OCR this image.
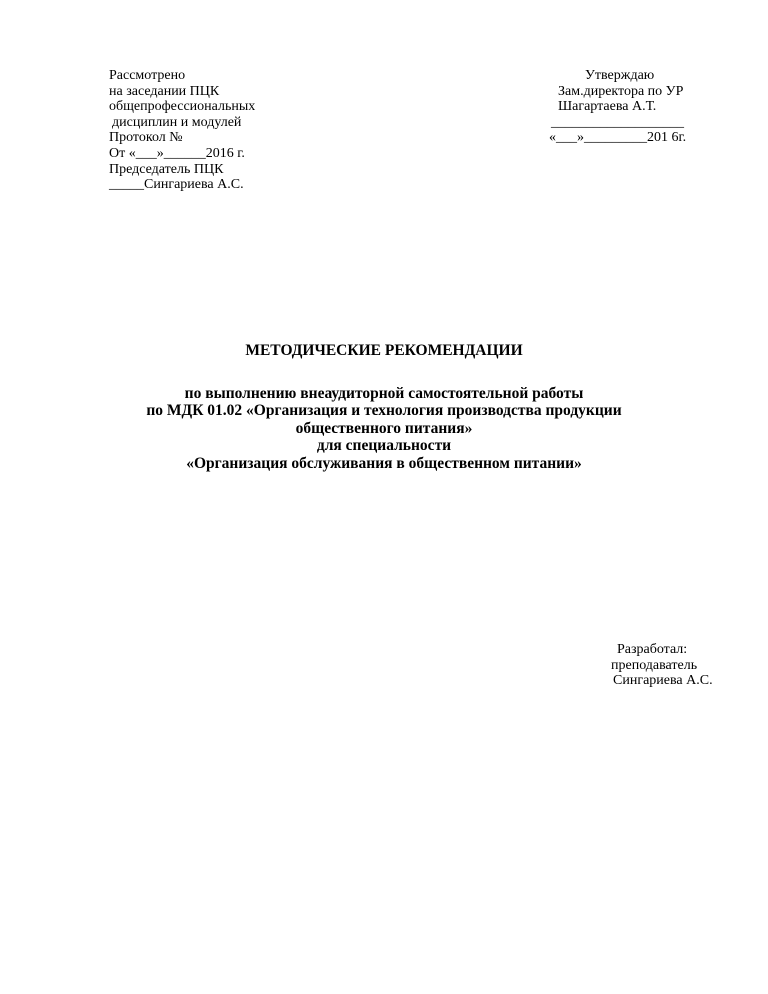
Рассмотрено
на заседании ПЦК
общепрофессиональных
дисциплин и модулей
Протокол №
От «___»______2016 г.
Председатель ПЦК
_____Сингариева А.С.
Утверждаю
Зам.директора по УР
Шагартаева А.Т.
___________________
«___»_________201 6г.
МЕТОДИЧЕСКИЕ РЕКОМЕНДАЦИИ
по выполнению внеаудиторной самостоятельной работы
по МДК 01.02 «Организация и технология производства продукции
общественного питания»
для специальности
«Организация обслуживания в общественном питании»
Разработал:
преподаватель
Сингариева А.С.
